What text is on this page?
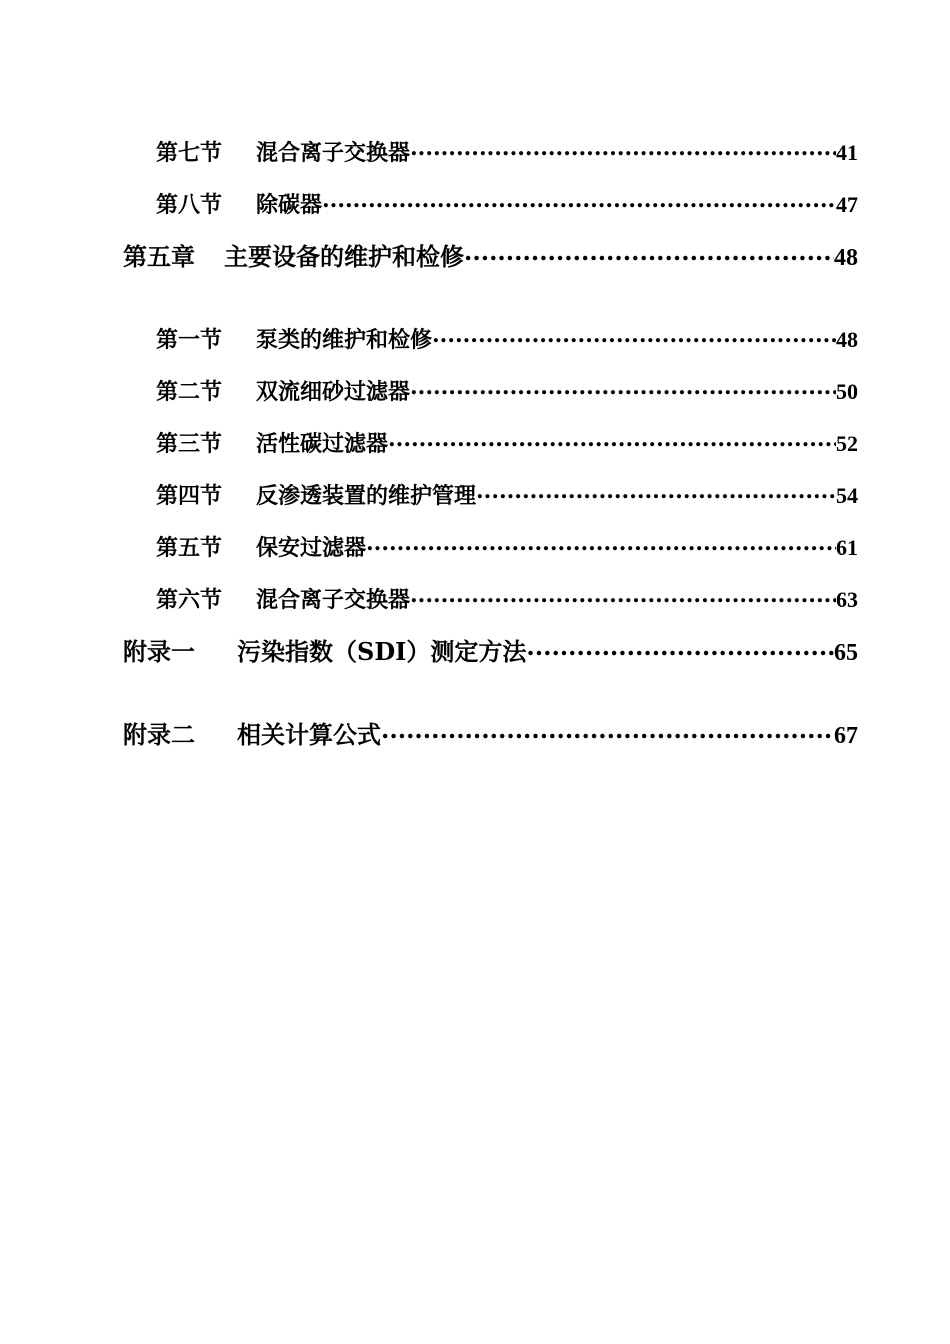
第七节	混合离子交换器 .....	41
第八节	除碳器 .....	47
第五章	主要设备的维护和检修 .....	48
第一节	泵类的维护和检修 .....	48
第二节	双流细砂过滤器 .....	50
第三节	活性碳过滤器 .....	52
第四节	反渗透装置的维护管理 .....	54
第五节	保安过滤器 .....	61
第六节	混合离子交换器 .....	63
附录一	污染指数（SDI）测定方法 .....	65
附录二	相关计算公式 .....	67
